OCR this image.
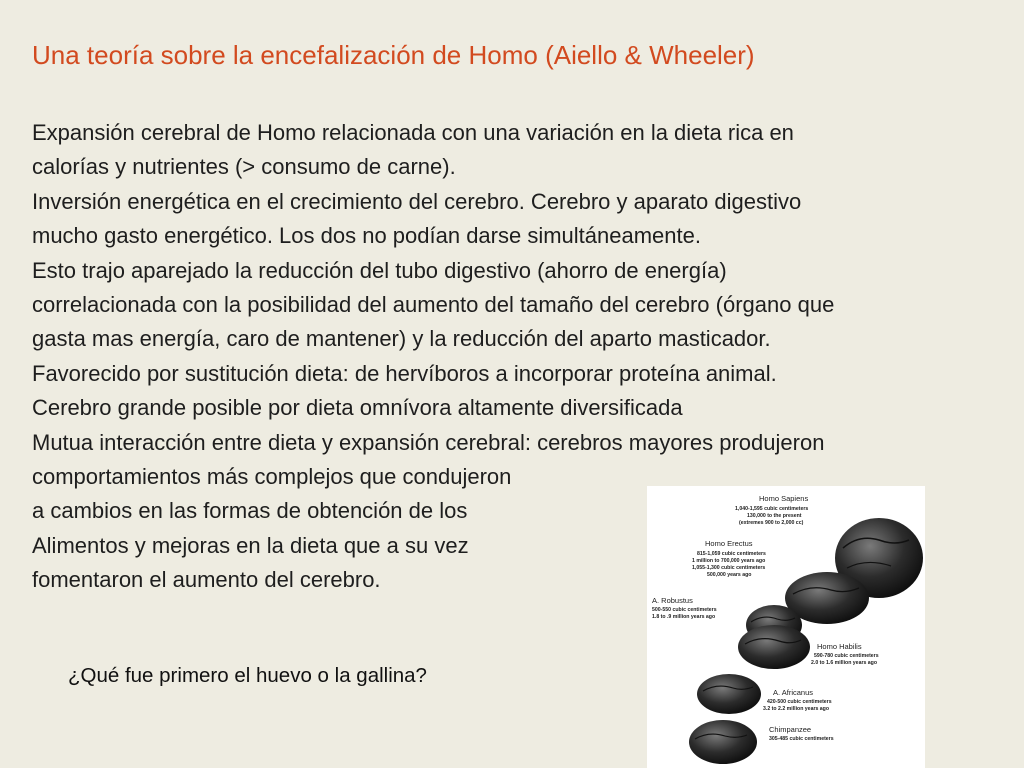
Una teoría sobre la encefalización de Homo (Aiello & Wheeler)
Expansión cerebral de Homo relacionada con una variación en la dieta rica en
calorías y nutrientes (> consumo de carne).
Inversión energética en el crecimiento del cerebro. Cerebro y aparato digestivo
mucho gasto energético. Los dos no podían darse simultáneamente.
Esto trajo aparejado la reducción del tubo digestivo (ahorro de energía)
correlacionada con la posibilidad del aumento del tamaño del cerebro (órgano que
gasta mas energía, caro de mantener) y la reducción del aparto masticador.
Favorecido por sustitución dieta: de hervíboros a incorporar proteína animal.
Cerebro grande posible por dieta omnívora altamente diversificada
Mutua interacción entre dieta y expansión cerebral: cerebros mayores produjeron
comportamientos más complejos que condujeron
a cambios en las formas de obtención de los
Alimentos y mejoras en la dieta que a su vez
fomentaron el aumento del cerebro.
¿Qué fue primero el huevo o la gallina?
Homo Sapiens
1,040-1,595 cubic centimeters
130,000 to the present
(extremes 900 to 2,000 cc)
Homo Erectus
815-1,059 cubic centimeters
1 million to 700,000 years ago
1,055-1,300 cubic centimeters
500,000 years ago
A. Robustus
500-550 cubic centimeters
1.8 to .9 million years ago
Homo Habilis
590-780 cubic centimeters
2.0 to 1.6 million years ago
A. Africanus
420-500 cubic centimeters
3.2 to 2.2 million years ago
Chimpanzee
305-485 cubic centimeters
